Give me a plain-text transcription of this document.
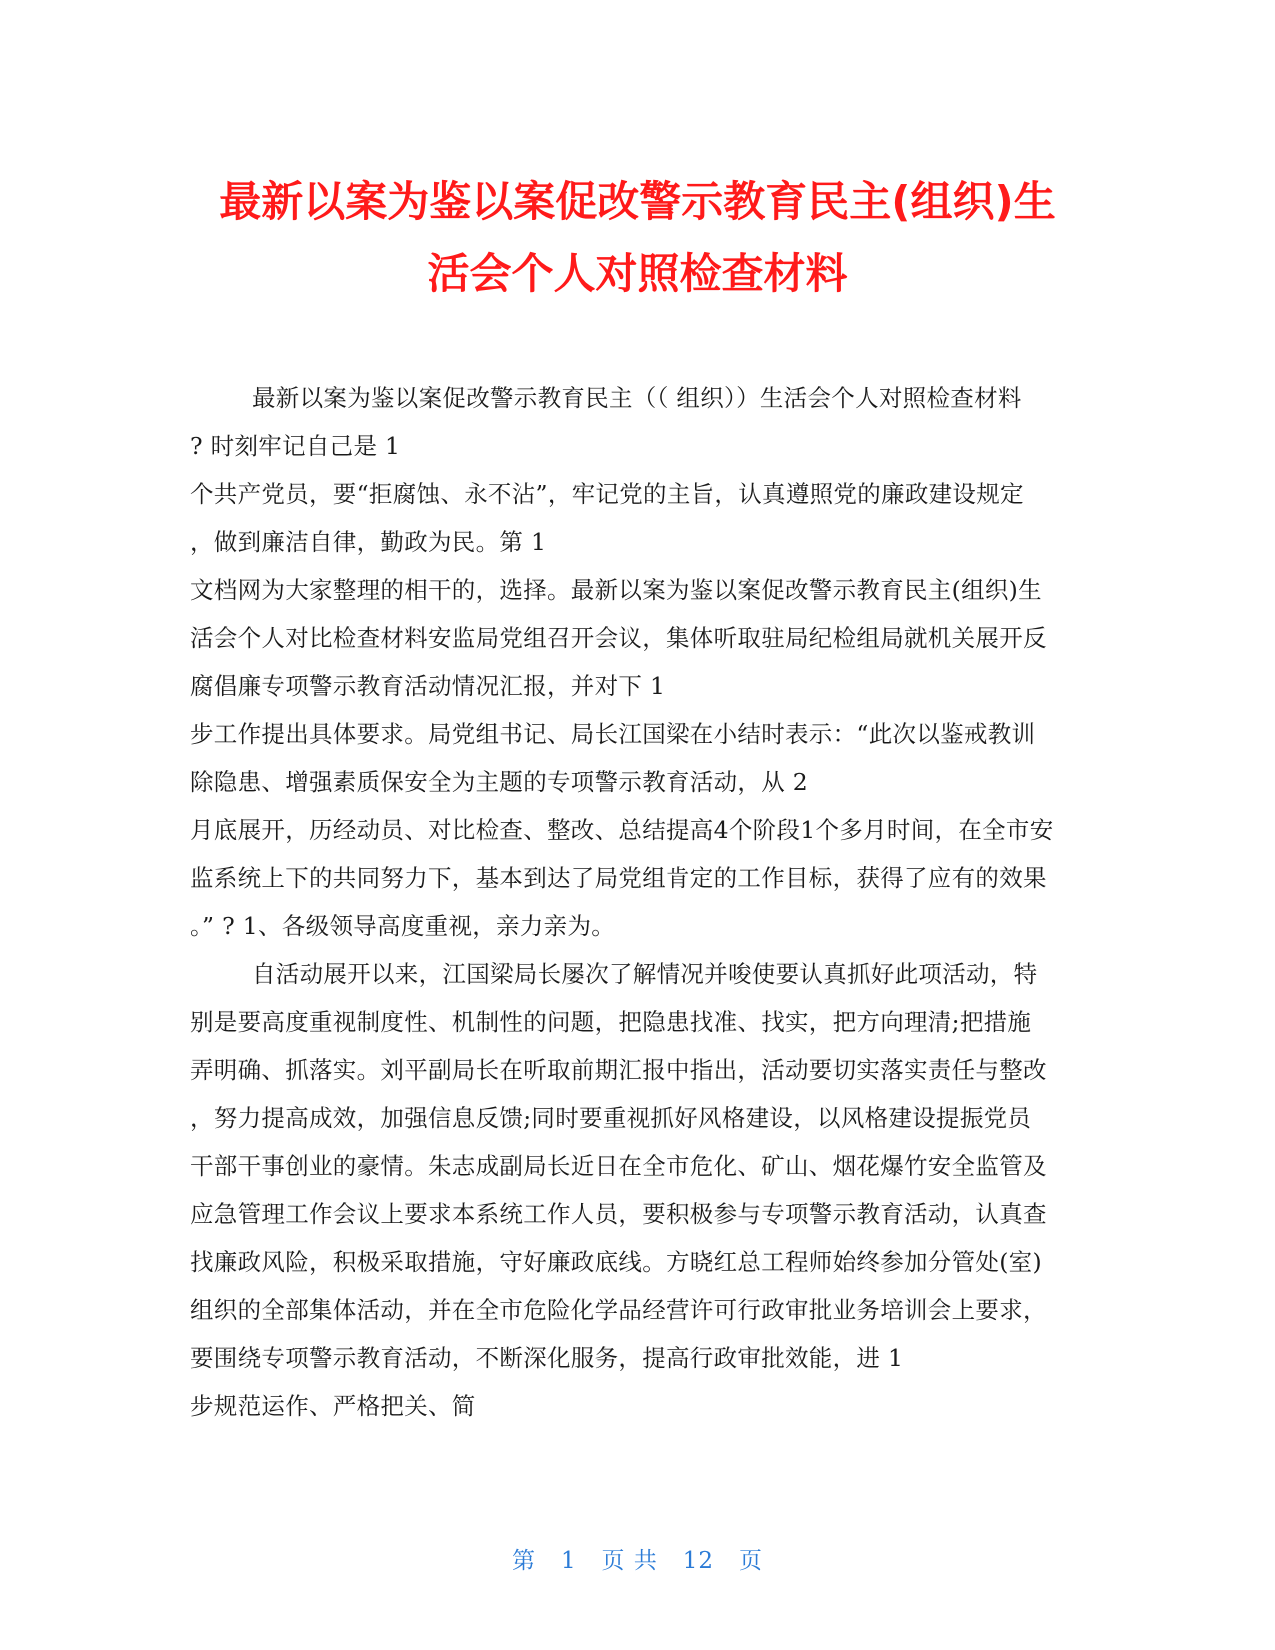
最新以案为鉴以案促改警示教育民主(组织)生
活会个人对照检查材料
最新以案为鉴以案促改警示教育民主（（ 组织））生活会个人对照检查材料
? 时刻牢记自己是 1
个共产党员，要“拒腐蚀、永不沾”，牢记党的主旨，认真遵照党的廉政建设规定
，做到廉洁自律，勤政为民。第 1
文档网为大家整理的相干的，选择。最新以案为鉴以案促改警示教育民主(组织)生
活会个人对比检查材料安监局党组召开会议，集体听取驻局纪检组局就机关展开反
腐倡廉专项警示教育活动情况汇报，并对下 1
步工作提出具体要求。局党组书记、局长江国梁在小结时表示：“此次以鉴戒教训
除隐患、增强素质保安全为主题的专项警示教育活动，从 2
月底展开，历经动员、对比检查、整改、总结提高4个阶段1个多月时间，在全市安
监系统上下的共同努力下，基本到达了局党组肯定的工作目标，获得了应有的效果
。” ? 1、各级领导高度重视，亲力亲为。
自活动展开以来，江国梁局长屡次了解情况并唆使要认真抓好此项活动，特
别是要高度重视制度性、机制性的问题，把隐患找准、找实，把方向理清;把措施
弄明确、抓落实。刘平副局长在听取前期汇报中指出，活动要切实落实责任与整改
，努力提高成效，加强信息反馈;同时要重视抓好风格建设，以风格建设提振党员
干部干事创业的豪情。朱志成副局长近日在全市危化、矿山、烟花爆竹安全监管及
应急管理工作会议上要求本系统工作人员，要积极参与专项警示教育活动，认真查
找廉政风险，积极采取措施，守好廉政底线。方晓红总工程师始终参加分管处(室)
组织的全部集体活动，并在全市危险化学品经营许可行政审批业务培训会上要求，
要围绕专项警示教育活动，不断深化服务，提高行政审批效能，进 1
步规范运作、严格把关、简
第 1 页 共 12 页
